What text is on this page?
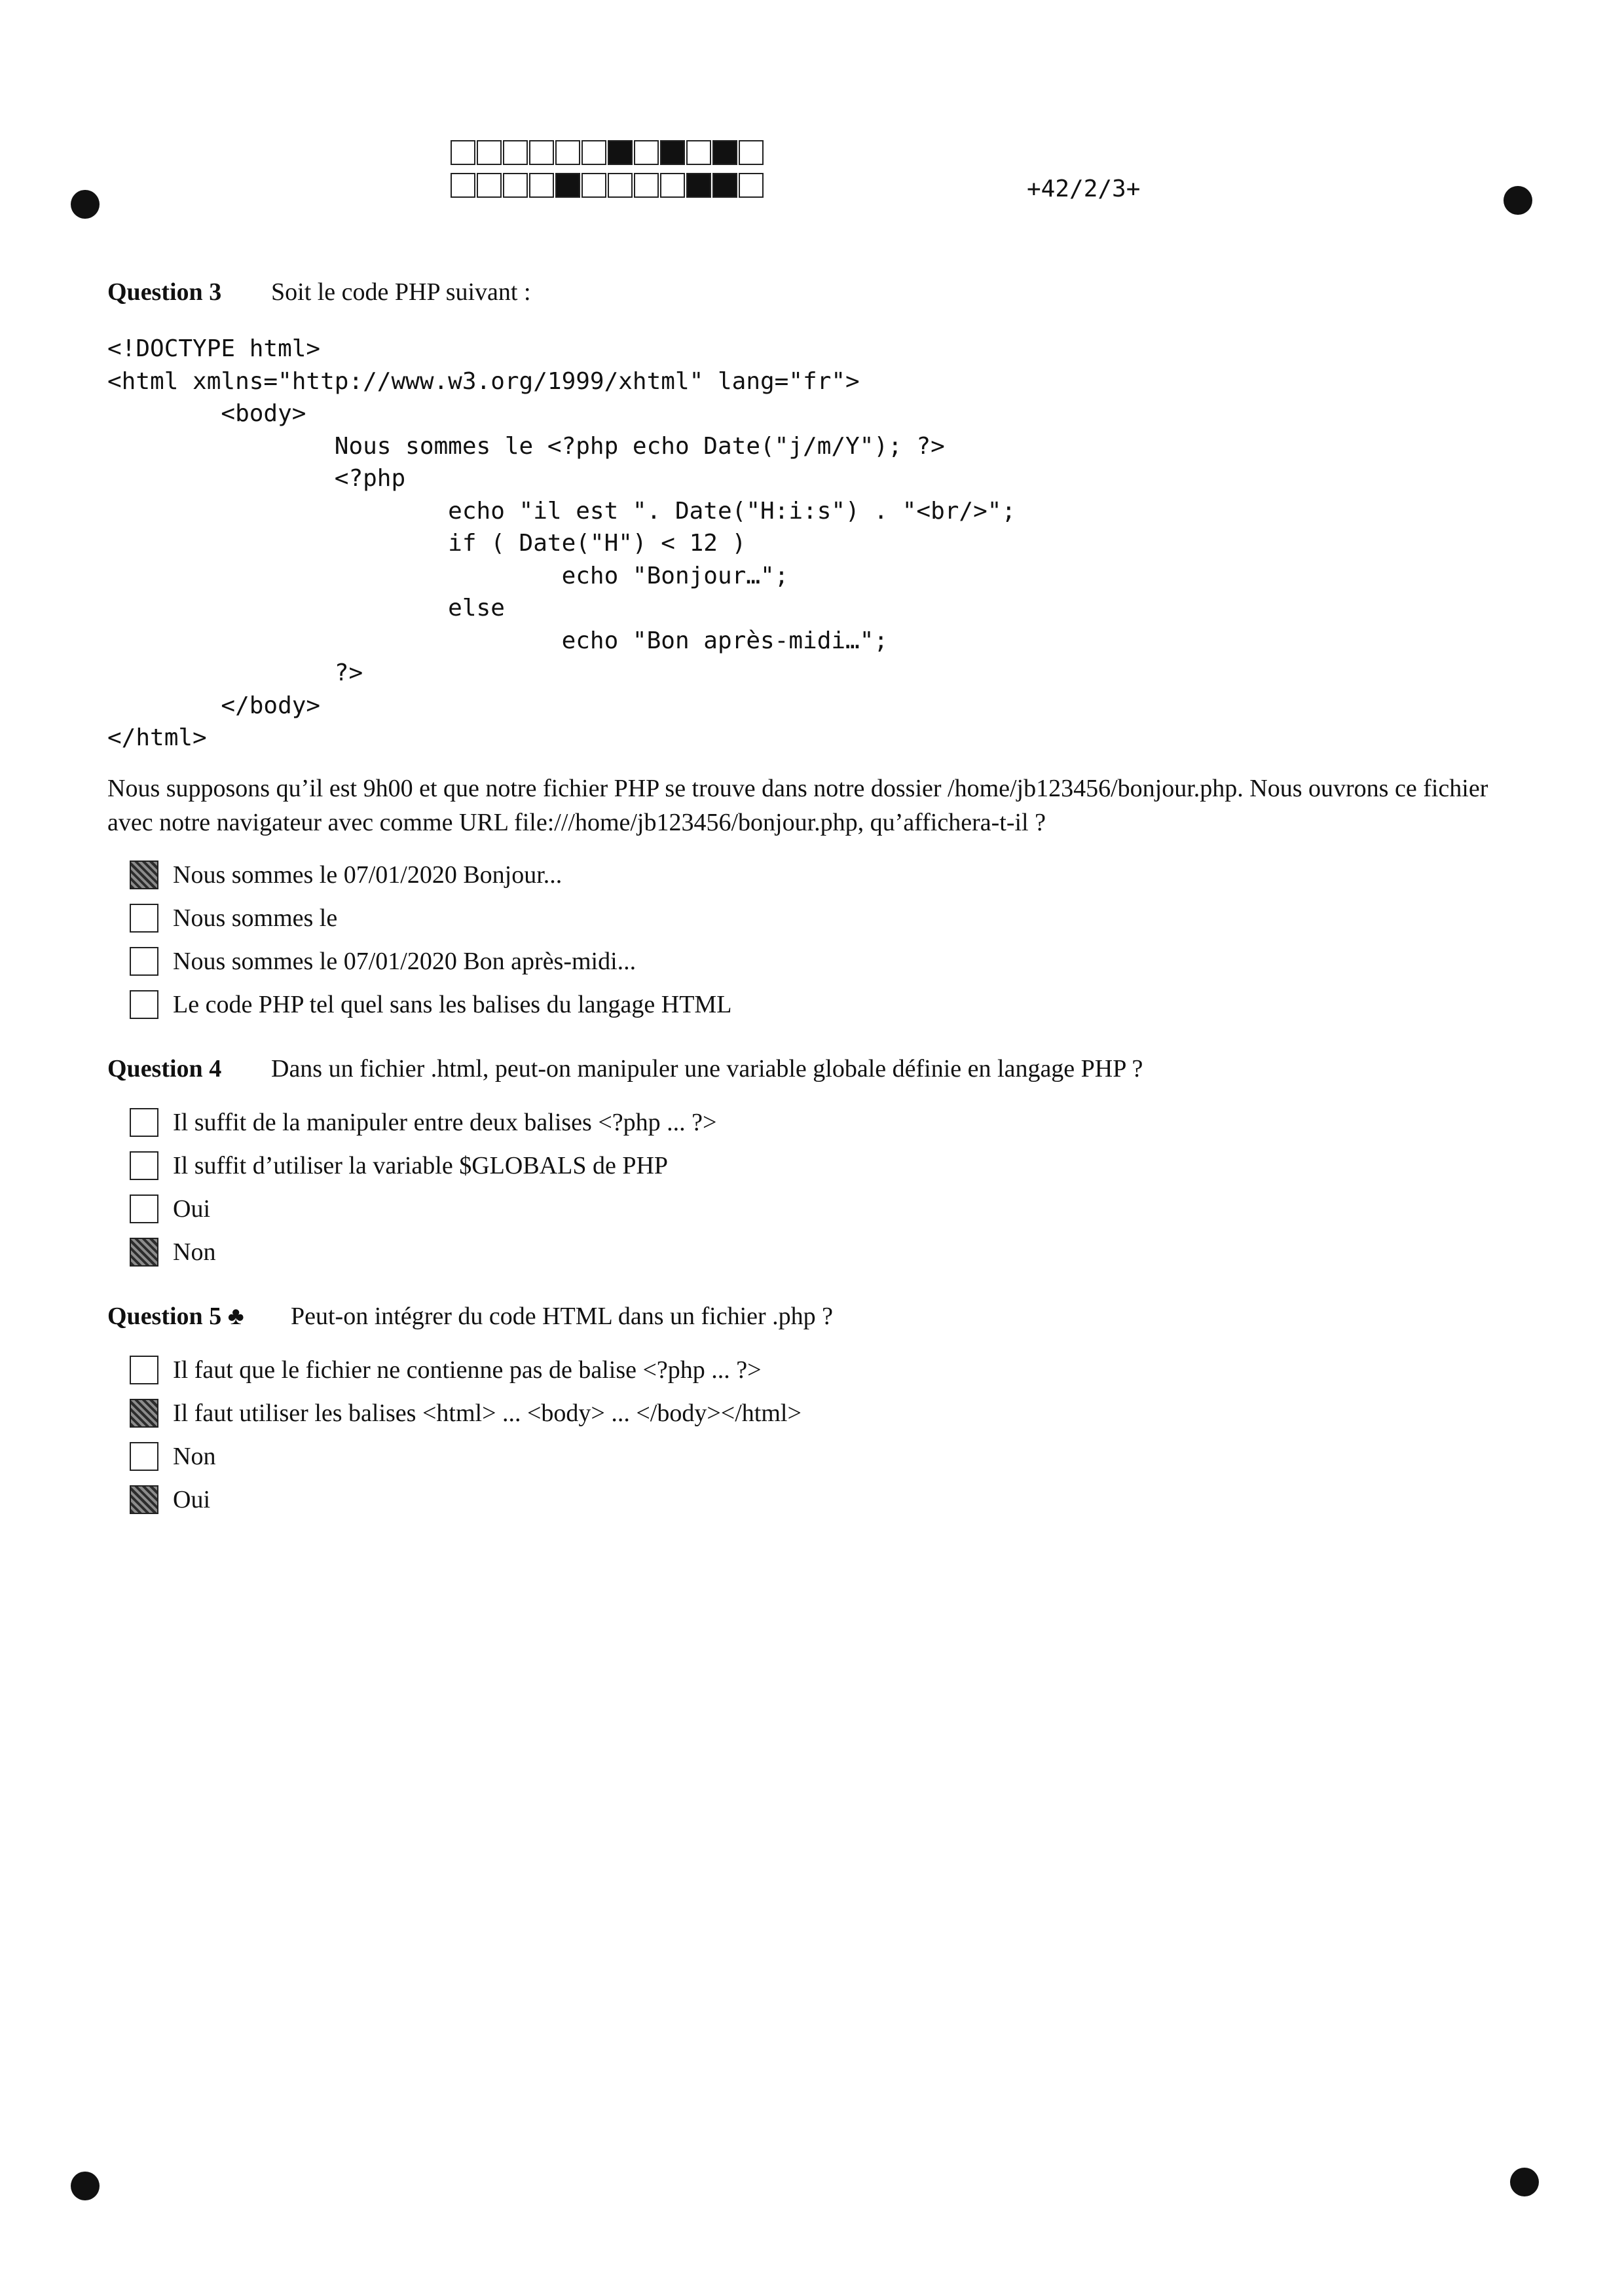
+42/2/3+
Question 3	Soit le code PHP suivant :
<!DOCTYPE html>
<html xmlns="http://www.w3.org/1999/xhtml" lang="fr">
<body>
Nous sommes le <?php echo Date("j/m/Y"); ?>
<?php
echo "il est ". Date("H:i:s") . "<br/>";
if ( Date("H") < 12 )
echo "Bonjour…";
else
echo "Bon après-midi…";
?>
</body>
</html>
Nous supposons qu’il est 9h00 et que notre fichier PHP se trouve dans notre dossier /home/jb123456/bonjour.php. Nous ouvrons ce fichier avec notre navigateur avec comme URL file:///home/jb123456/bonjour.php, qu’affichera-t-il ?
Nous sommes le 07/01/2020 Bonjour...
Nous sommes le
Nous sommes le 07/01/2020 Bon après-midi...
Le code PHP tel quel sans les balises du langage HTML
Question 4	Dans un fichier .html, peut-on manipuler une variable globale définie en langage PHP ?
Il suffit de la manipuler entre deux balises <?php ... ?>
Il suffit d’utiliser la variable $GLOBALS de PHP
Oui
Non
Question 5 ♣	Peut-on intégrer du code HTML dans un fichier .php ?
Il faut que le fichier ne contienne pas de balise <?php ... ?>
Il faut utiliser les balises <html> ... <body> ... </body></html>
Non
Oui
